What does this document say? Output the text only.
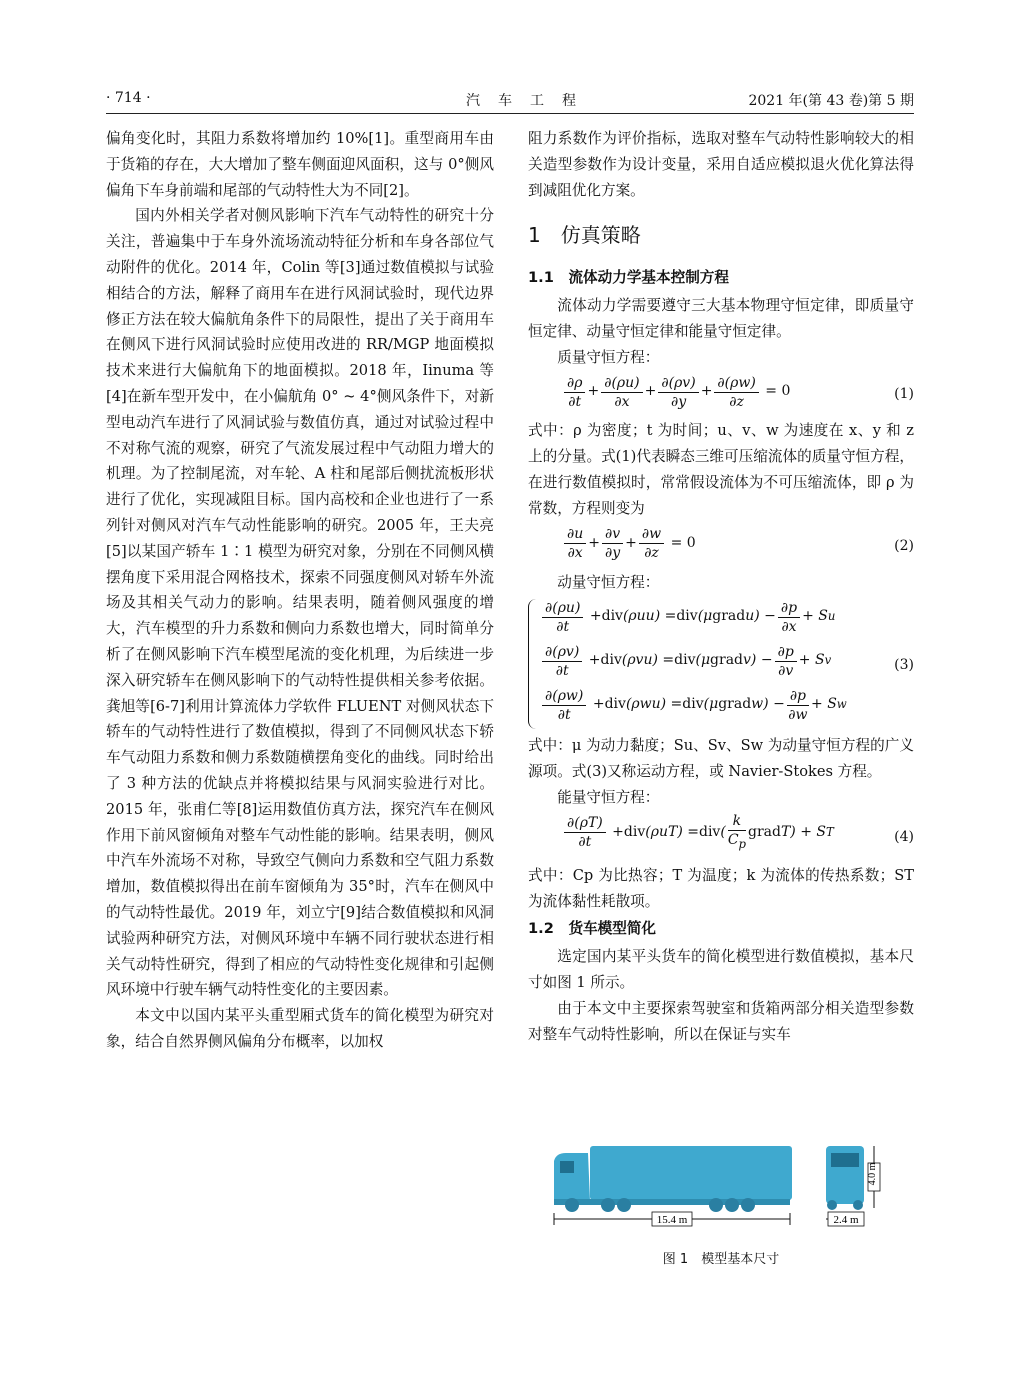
· 714 ·	汽　车　工　程	2021 年(第 43 卷)第 5 期

偏角变化时，其阻力系数将增加约 10%[1]。重型商用车由于货箱的存在，大大增加了整车侧面迎风面积，这与 0°侧风偏角下车身前端和尾部的气动特性大为不同[2]。

国内外相关学者对侧风影响下汽车气动特性的研究十分关注，普遍集中于车身外流场流动特征分析和车身各部位气动附件的优化。2014 年，Colin 等[3]通过数值模拟与试验相结合的方法，解释了商用车在进行风洞试验时，现代边界修正方法在较大偏航角条件下的局限性，提出了关于商用车在侧风下进行风洞试验时应使用改进的 RR/MGP 地面模拟技术来进行大偏航角下的地面模拟。2018 年，Iinuma 等[4]在新车型开发中，在小偏航角 0° ~ 4°侧风条件下，对新型电动汽车进行了风洞试验与数值仿真，通过对试验过程中不对称气流的观察，研究了气流发展过程中气动阻力增大的机理。为了控制尾流，对车轮、A 柱和尾部后侧扰流板形状进行了优化，实现减阻目标。国内高校和企业也进行了一系列针对侧风对汽车气动性能影响的研究。2005 年，王夫亮[5]以某国产轿车 1∶1 模型为研究对象，分别在不同侧风横摆角度下采用混合网格技术，探索不同强度侧风对轿车外流场及其相关气动力的影响。结果表明，随着侧风强度的增大，汽车模型的升力系数和侧向力系数也增大，同时简单分析了在侧风影响下汽车模型尾流的变化机理，为后续进一步深入研究轿车在侧风影响下的气动特性提供相关参考依据。龚旭等[6-7]利用计算流体力学软件 FLUENT 对侧风状态下轿车的气动特性进行了数值模拟，得到了不同侧风状态下轿车气动阻力系数和侧力系数随横摆角变化的曲线。同时给出了 3 种方法的优缺点并将模拟结果与风洞实验进行对比。2015 年，张甫仁等[8]运用数值仿真方法，探究汽车在侧风作用下前风窗倾角对整车气动性能的影响。结果表明，侧风中汽车外流场不对称，导致空气侧向力系数和空气阻力系数增加，数值模拟得出在前车窗倾角为 35°时，汽车在侧风中的气动特性最优。2019 年，刘立宁[9]结合数值模拟和风洞试验两种研究方法，对侧风环境中车辆不同行驶状态进行相关气动特性研究，得到了相应的气动特性变化规律和引起侧风环境中行驶车辆气动特性变化的主要因素。

本文中以国内某平头重型厢式货车的简化模型为研究对象，结合自然界侧风偏角分布概率，以加权

阻力系数作为评价指标，选取对整车气动特性影响较大的相关造型参数作为设计变量，采用自适应模拟退火优化算法得到减阻优化方案。

1　仿真策略
1.1　流体动力学基本控制方程

流体动力学需要遵守三大基本物理守恒定律，即质量守恒定律、动量守恒定律和能量守恒定律。

质量守恒方程：

$\frac{\partial\rho}{\partial t} + \frac{\partial(\rho u)}{\partial x} + \frac{\partial(\rho v)}{\partial y} + \frac{\partial(\rho w)}{\partial z} = 0$	(1)

式中：ρ 为密度；t 为时间；u、v、w 为速度在 x、y 和 z 上的分量。式(1)代表瞬态三维可压缩流体的质量守恒方程，在进行数值模拟时，常常假设流体为不可压缩流体，即 ρ 为常数，方程则变为

$\frac{\partial u}{\partial x} + \frac{\partial v}{\partial y} + \frac{\partial w}{\partial z} = 0$	(2)

动量守恒方程：

$\frac{\partial(\rho u)}{\partial t}$ + div (ρuu) = div (μ grad $u) - \frac{\partial p}{\partial x} + S$ u
$\frac{\partial(\rho v)}{\partial t}$ + div (ρvu) = div (μ grad $v) - \frac{\partial p}{\partial v} + S$ v
$\frac{\partial(\rho w)}{\partial t}$ + div (ρwu) = div (μ grad $w) - \frac{\partial p}{\partial w} + S$ w
(3)

式中：μ 为动力黏度；Su、Sv、Sw 为动量守恒方程的广义源项。式(3)又称运动方程，或 Navier-Stokes 方程。

能量守恒方程：

$\frac{\partial(\rho T)}{\partial t}$ + div (ρuT) = div ( $\frac{k}{C_p}$ grad T) + S T	(4)

式中：Cp 为比热容；T 为温度；k 为流体的传热系数；ST 为流体黏性耗散项。

1.2　货车模型简化

选定国内某平头货车的简化模型进行数值模拟，基本尺寸如图 1 所示。

由于本文中主要探索驾驶室和货箱两部分相关造型参数对整车气动特性影响，所以在保证与实车

15.4 m
4.0 m
2.4 m
图 1　模型基本尺寸
